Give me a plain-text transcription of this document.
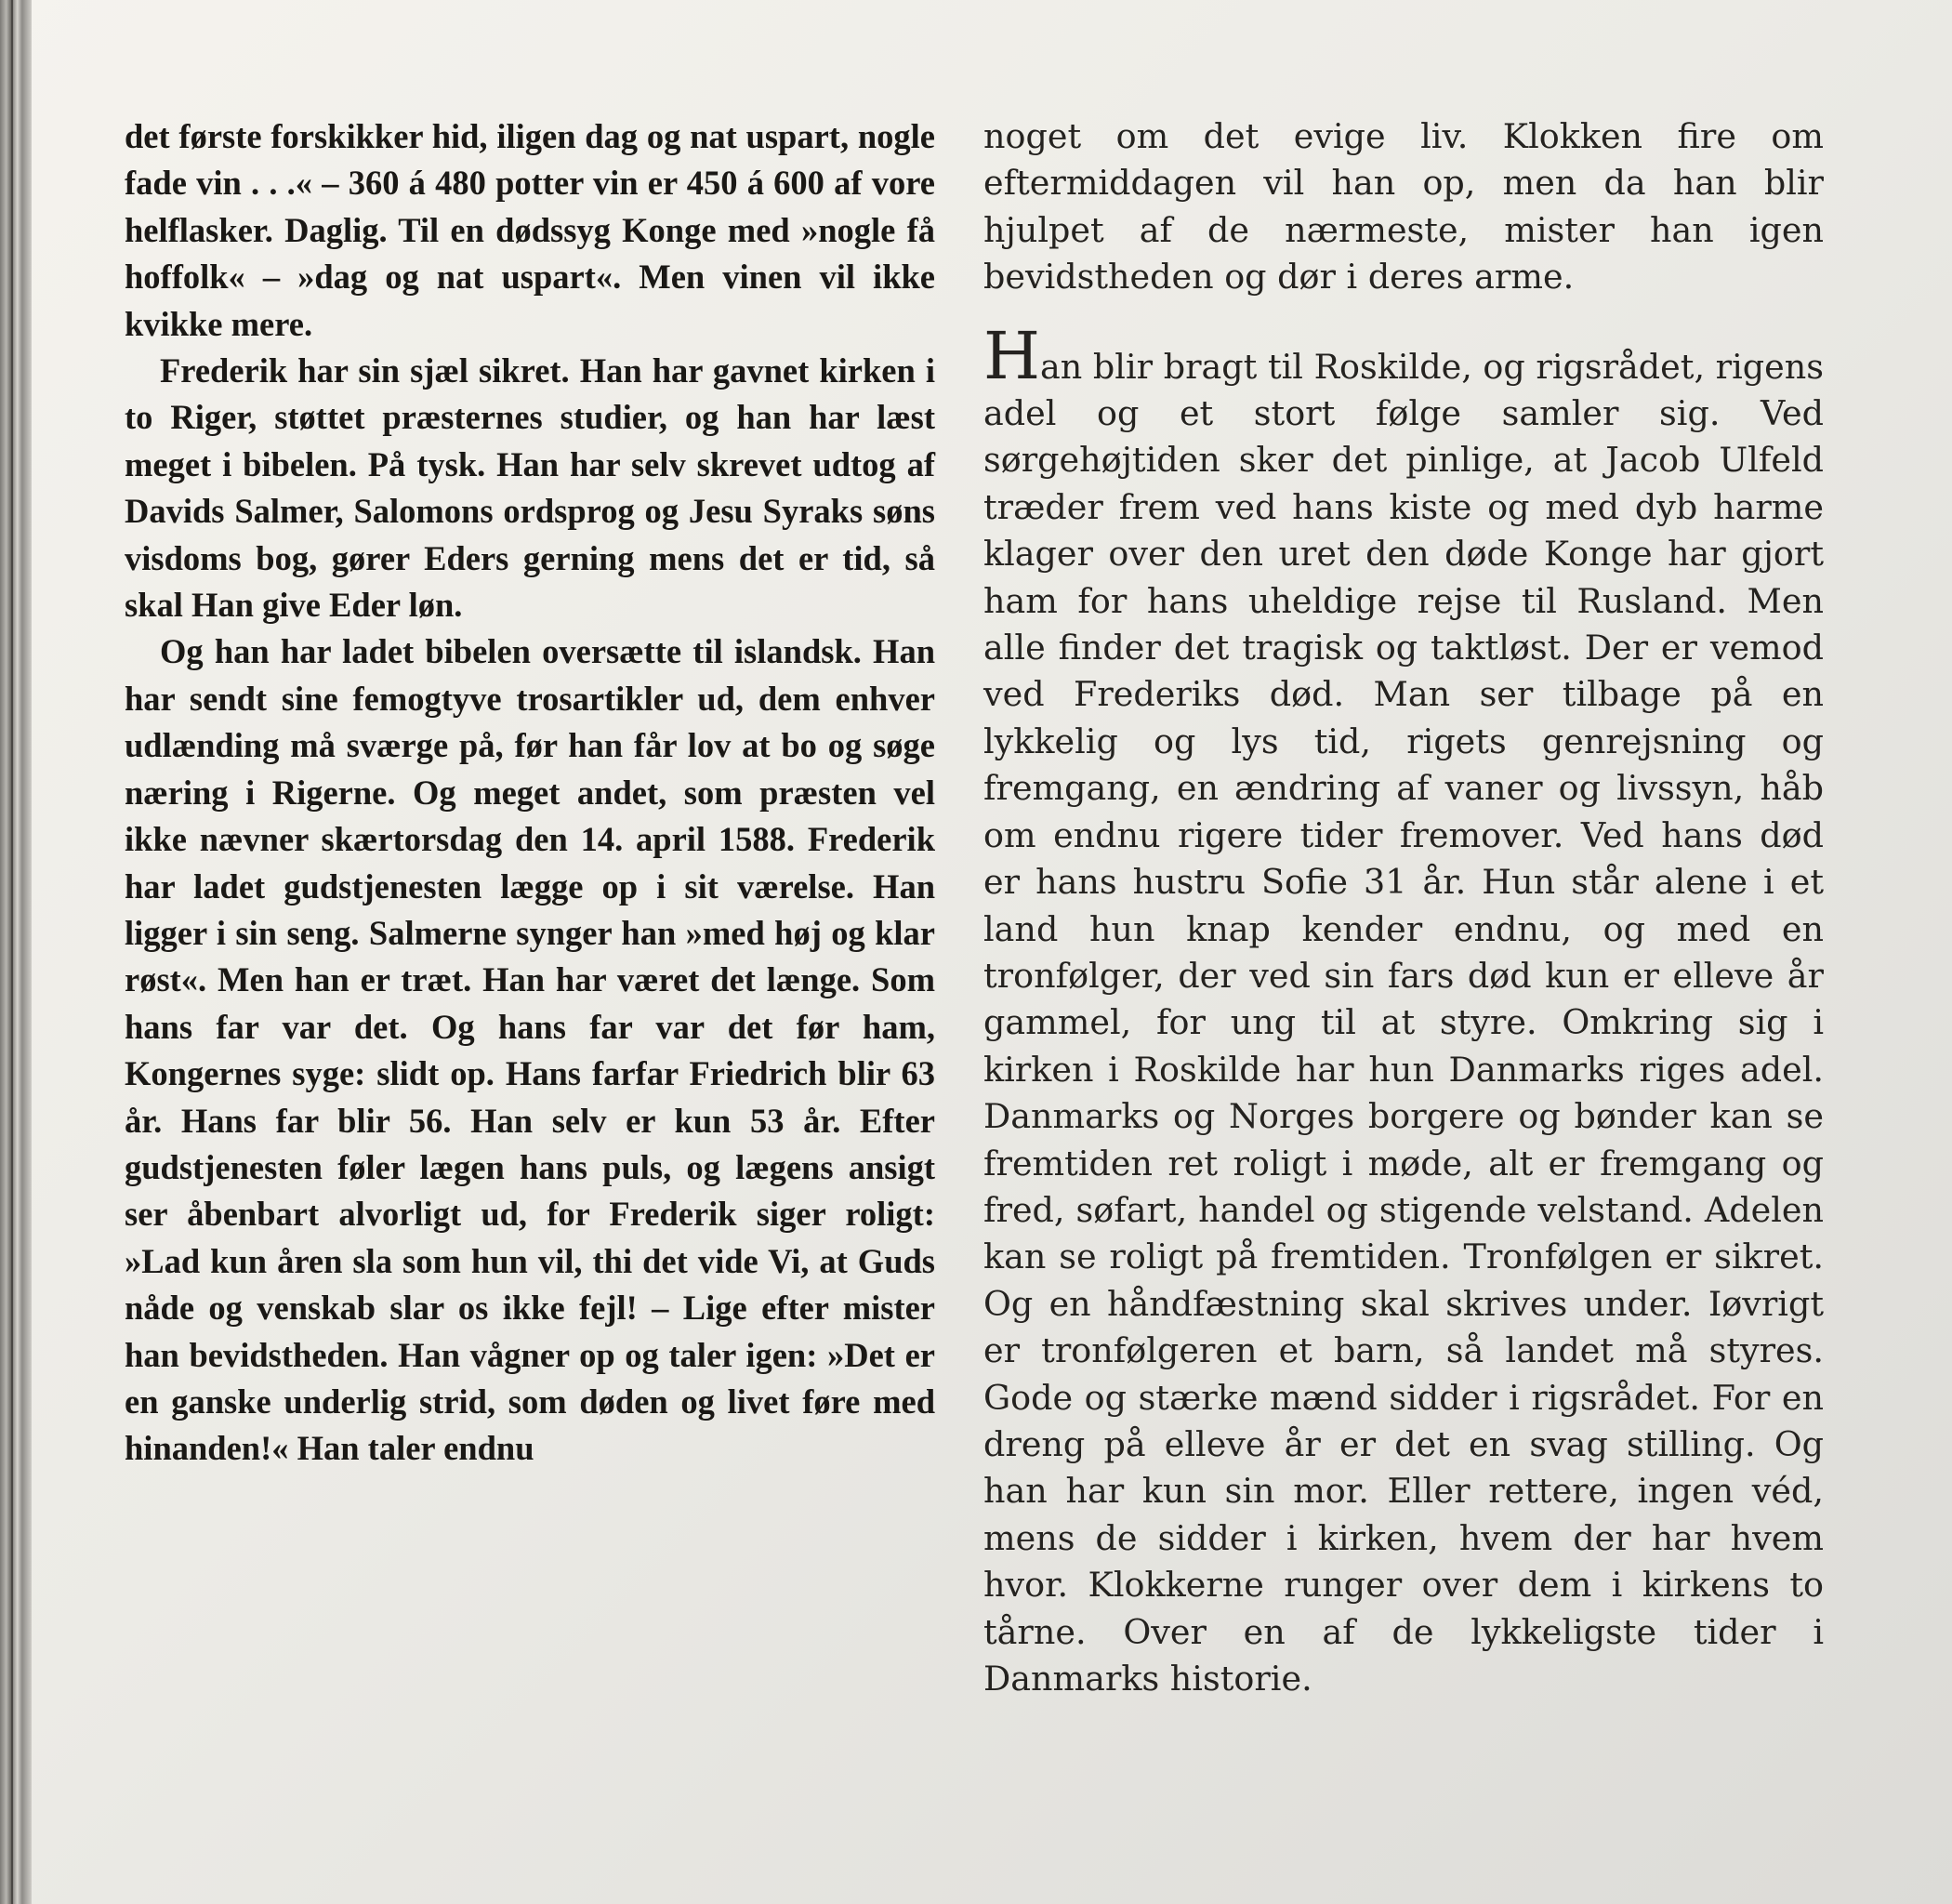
det første forskikker hid, iligen dag og nat uspart, nogle fade vin . . .« – 360 á 480 potter vin er 450 á 600 af vore helflasker. Daglig. Til en dødssyg Konge med »nogle få hoffolk« – »dag og nat uspart«. Men vinen vil ikke kvikke mere.

Frederik har sin sjæl sikret. Han har gavnet kirken i to Riger, støttet præsternes studier, og han har læst meget i bibelen. På tysk. Han har selv skrevet udtog af Davids Salmer, Salomons ordsprog og Jesu Syraks søns visdoms bog, gører Eders gerning mens det er tid, så skal Han give Eder løn.

Og han har ladet bibelen oversætte til islandsk. Han har sendt sine femogtyve trosartikler ud, dem enhver udlænding må sværge på, før han får lov at bo og søge næring i Rigerne. Og meget andet, som præsten vel ikke nævner skærtorsdag den 14. april 1588. Frederik har ladet gudstjenesten lægge op i sit værelse. Han ligger i sin seng. Salmerne synger han »med høj og klar røst«. Men han er træt. Han har været det længe. Som hans far var det. Og hans far var det før ham, Kongernes syge: slidt op. Hans farfar Friedrich blir 63 år. Hans far blir 56. Han selv er kun 53 år. Efter gudstjenesten føler lægen hans puls, og lægens ansigt ser åbenbart alvorligt ud, for Frederik siger roligt: »Lad kun åren sla som hun vil, thi det vide Vi, at Guds nåde og venskab slar os ikke fejl! – Lige efter mister han bevidstheden. Han vågner op og taler igen: »Det er en ganske underlig strid, som døden og livet føre med hinanden!« Han taler endnu

noget om det evige liv. Klokken fire om eftermiddagen vil han op, men da han blir hjulpet af de nærmeste, mister han igen bevidstheden og dør i deres arme.

Han blir bragt til Roskilde, og rigsrådet, rigens adel og et stort følge samler sig. Ved sørgehøjtiden sker det pinlige, at Jacob Ulfeld træder frem ved hans kiste og med dyb harme klager over den uret den døde Konge har gjort ham for hans uheldige rejse til Rusland. Men alle finder det tragisk og taktløst. Der er vemod ved Frederiks død. Man ser tilbage på en lykkelig og lys tid, rigets genrejsning og fremgang, en ændring af vaner og livssyn, håb om endnu rigere tider fremover. Ved hans død er hans hustru Sofie 31 år. Hun står alene i et land hun knap kender endnu, og med en tronfølger, der ved sin fars død kun er elleve år gammel, for ung til at styre. Omkring sig i kirken i Roskilde har hun Danmarks riges adel. Danmarks og Norges borgere og bønder kan se fremtiden ret roligt i møde, alt er fremgang og fred, søfart, handel og stigende velstand. Adelen kan se roligt på fremtiden. Tronfølgen er sikret. Og en håndfæstning skal skrives under. Iøvrigt er tronfølgeren et barn, så landet må styres. Gode og stærke mænd sidder i rigsrådet. For en dreng på elleve år er det en svag stilling. Og han har kun sin mor. Eller rettere, ingen véd, mens de sidder i kirken, hvem der har hvem hvor. Klokkerne runger over dem i kirkens to tårne. Over en af de lykkeligste tider i Danmarks historie.
